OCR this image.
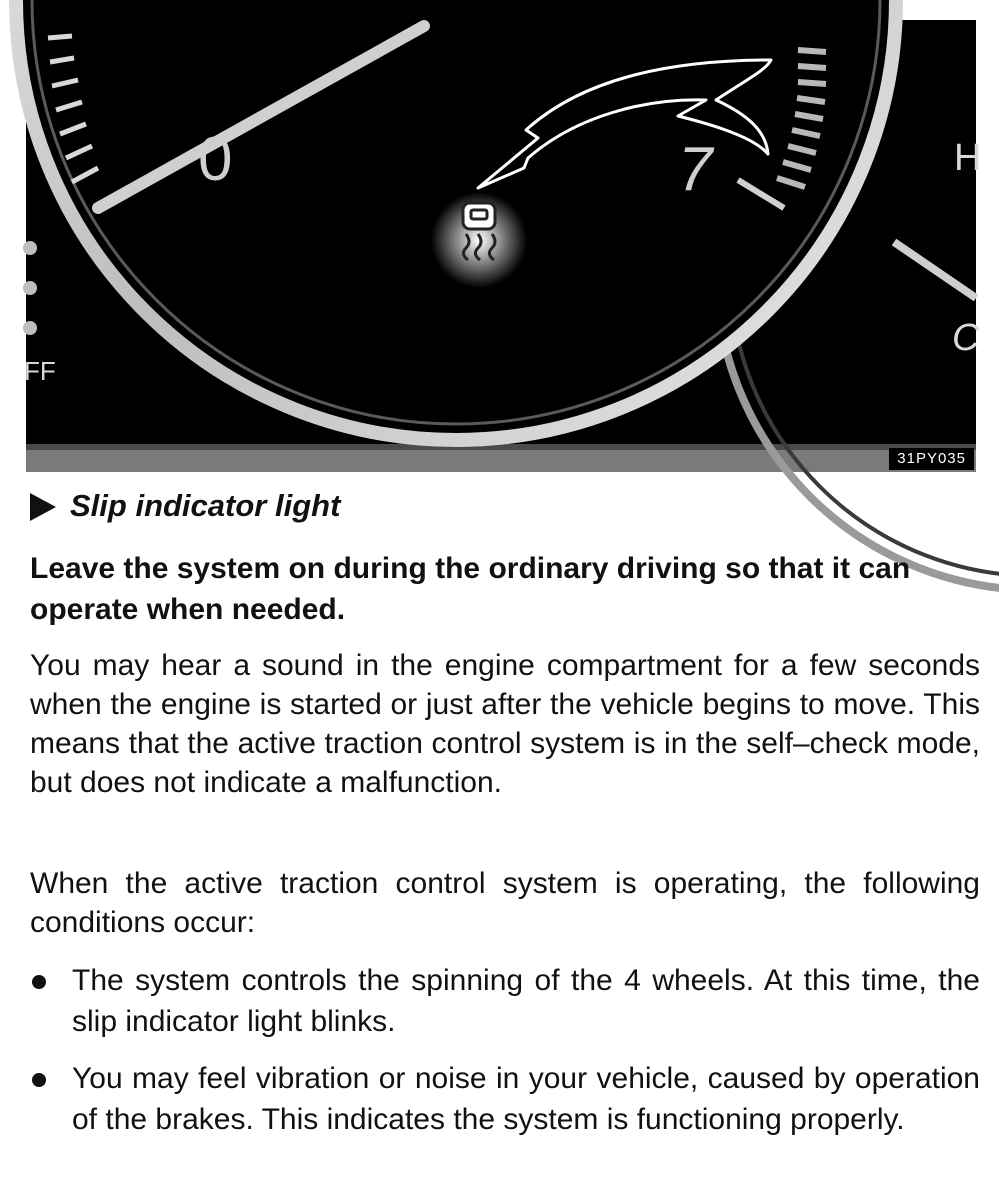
0	7
FF
H
C
31PY035
Slip indicator light
Leave the system on during the ordinary driving so that it can operate when needed.
You may hear a sound in the engine compartment for a few seconds when the engine is started or just after the vehicle begins to move. This means that the active traction control system is in the self–check mode, but does not indicate a malfunction.
When the active traction control system is operating, the following conditions occur:
The system controls the spinning of the 4 wheels. At this time, the slip indicator light blinks.
You may feel vibration or noise in your vehicle, caused by operation of the brakes. This indicates the system is functioning properly.
